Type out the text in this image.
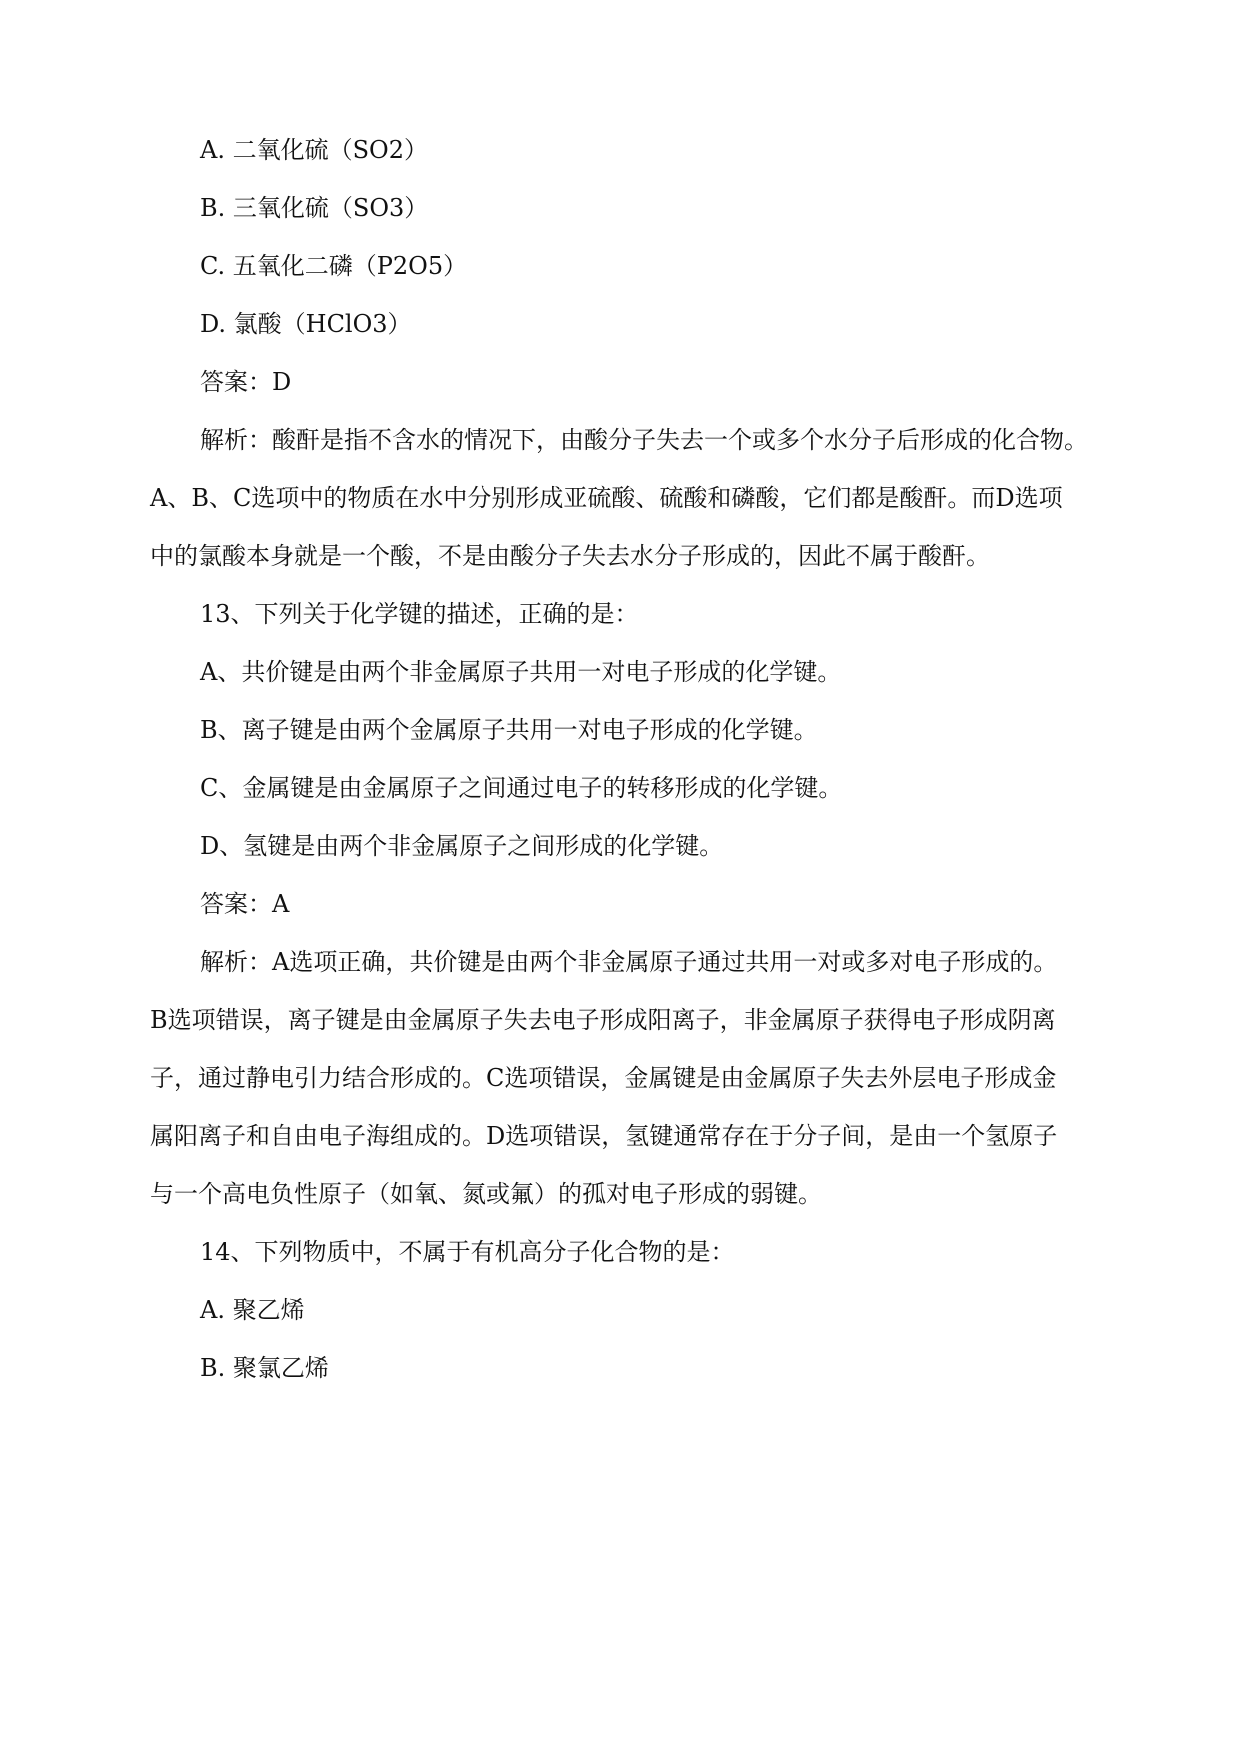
A. 二氧化硫（SO2）
B. 三氧化硫（SO3）
C. 五氧化二磷（P2O5）
D. 氯酸（HClO3）
答案：D
解析：酸酐是指不含水的情况下，由酸分子失去一个或多个水分子后形成的化合物。
A、B、C选项中的物质在水中分别形成亚硫酸、硫酸和磷酸，它们都是酸酐。而D选项
中的氯酸本身就是一个酸，不是由酸分子失去水分子形成的，因此不属于酸酐。
13、下列关于化学键的描述，正确的是：
A、共价键是由两个非金属原子共用一对电子形成的化学键。
B、离子键是由两个金属原子共用一对电子形成的化学键。
C、金属键是由金属原子之间通过电子的转移形成的化学键。
D、氢键是由两个非金属原子之间形成的化学键。
答案：A
解析：A选项正确，共价键是由两个非金属原子通过共用一对或多对电子形成的。
B选项错误，离子键是由金属原子失去电子形成阳离子，非金属原子获得电子形成阴离
子，通过静电引力结合形成的。C选项错误，金属键是由金属原子失去外层电子形成金
属阳离子和自由电子海组成的。D选项错误，氢键通常存在于分子间，是由一个氢原子
与一个高电负性原子（如氧、氮或氟）的孤对电子形成的弱键。
14、下列物质中，不属于有机高分子化合物的是：
A. 聚乙烯
B. 聚氯乙烯
